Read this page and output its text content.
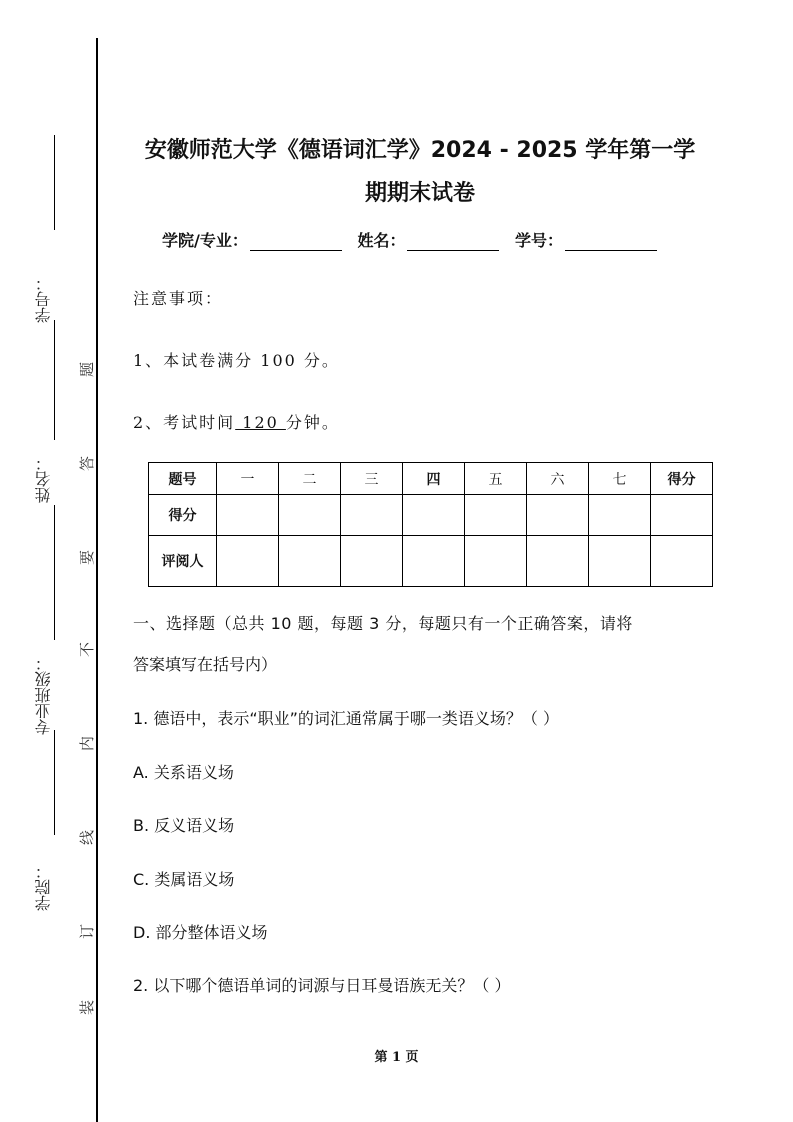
学号：
姓名：
专业班级：
学院：
题
答
要
不
内
线
订
装
安徽师范大学《德语词汇学》2024 - 2025 学年第一学
期期末试卷
学院/专业：	姓名：	学号：
注意事项：
1、本试卷满分 100 分。
2、考试时间 120 分钟。
题号	一	二	三	四	五	六	七	得分
得分								
评阅人								
一、选择题（总共 10 题，每题 3 分，每题只有一个正确答案，请将
答案填写在括号内）
1. 德语中，表示“职业”的词汇通常属于哪一类语义场？（ ）
A. 关系语义场
B. 反义语义场
C. 类属语义场
D. 部分整体语义场
2. 以下哪个德语单词的词源与日耳曼语族无关？（ ）
第 1 页
